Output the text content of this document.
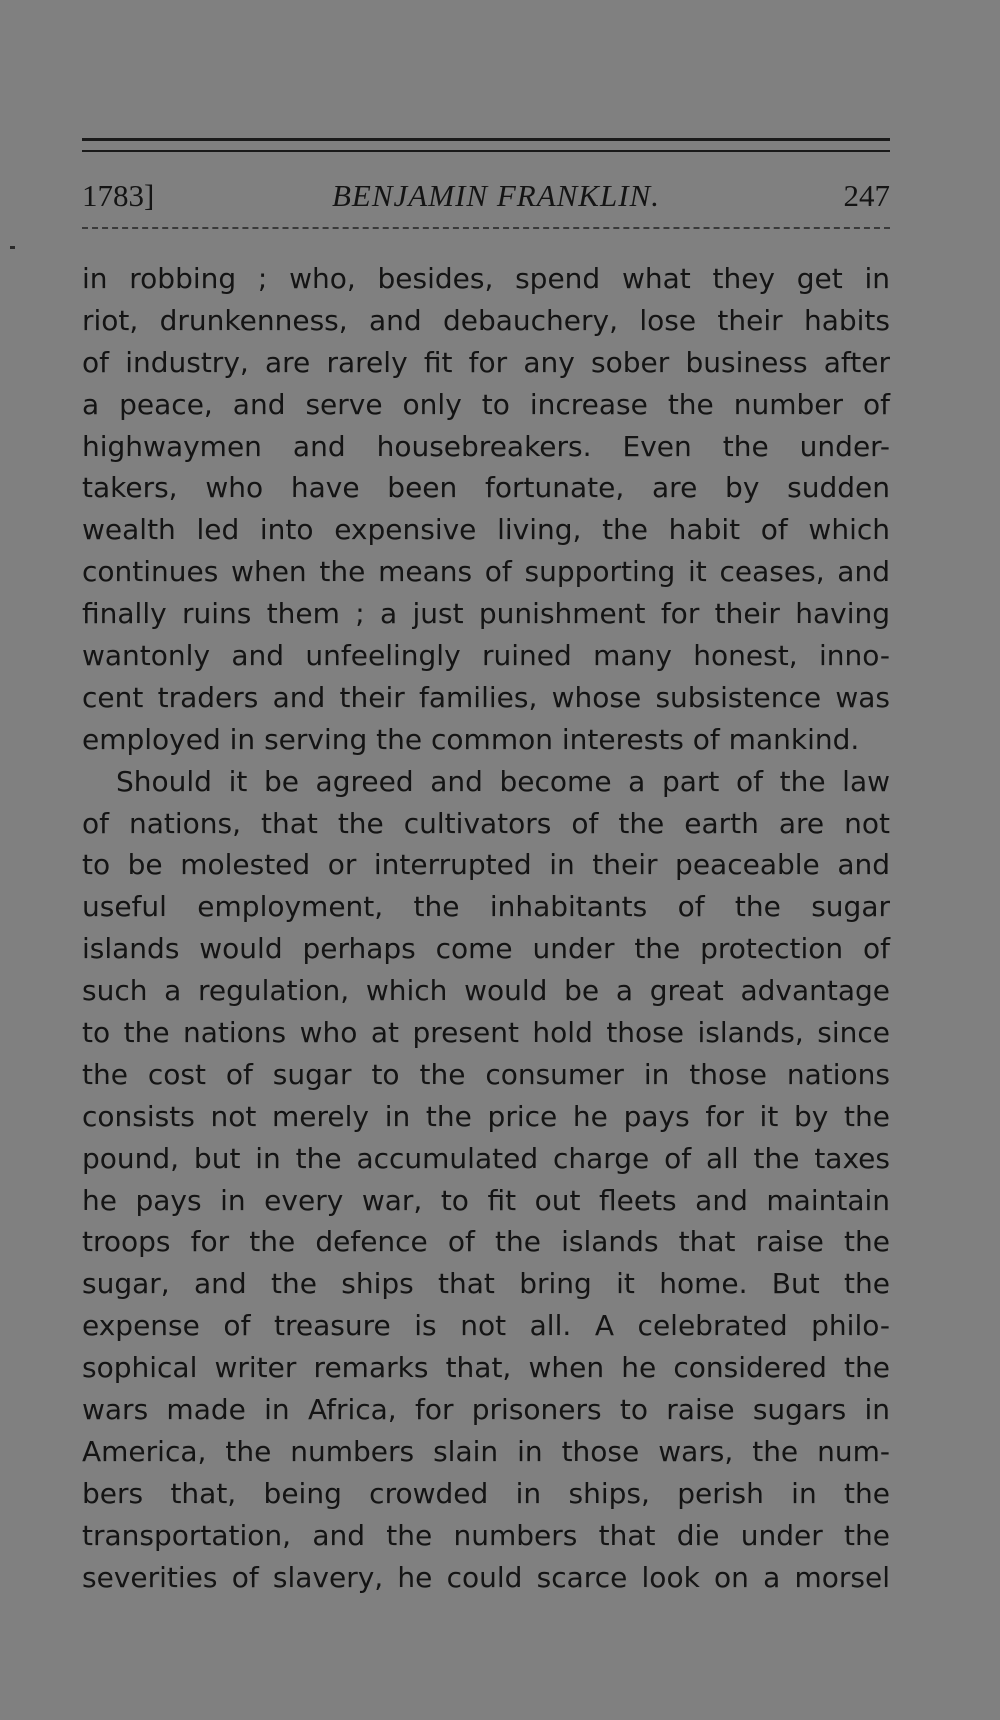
1783]	BENJAMIN FRANKLIN.	247
in robbing ; who, besides, spend what they get in
riot, drunkenness, and debauchery, lose their habits
of industry, are rarely fit for any sober business after
a peace, and serve only to increase the number of
highwaymen and housebreakers. Even the under-
takers, who have been fortunate, are by sudden
wealth led into expensive living, the habit of which
continues when the means of supporting it ceases, and
finally ruins them ; a just punishment for their having
wantonly and unfeelingly ruined many honest, inno-
cent traders and their families, whose subsistence was
employed in serving the common interests of mankind.
Should it be agreed and become a part of the law
of nations, that the cultivators of the earth are not
to be molested or interrupted in their peaceable and
useful employment, the inhabitants of the sugar
islands would perhaps come under the protection of
such a regulation, which would be a great advantage
to the nations who at present hold those islands, since
the cost of sugar to the consumer in those nations
consists not merely in the price he pays for it by the
pound, but in the accumulated charge of all the taxes
he pays in every war, to fit out fleets and maintain
troops for the defence of the islands that raise the
sugar, and the ships that bring it home. But the
expense of treasure is not all. A celebrated philo-
sophical writer remarks that, when he considered the
wars made in Africa, for prisoners to raise sugars in
America, the numbers slain in those wars, the num-
bers that, being crowded in ships, perish in the
transportation, and the numbers that die under the
severities of slavery, he could scarce look on a morsel
